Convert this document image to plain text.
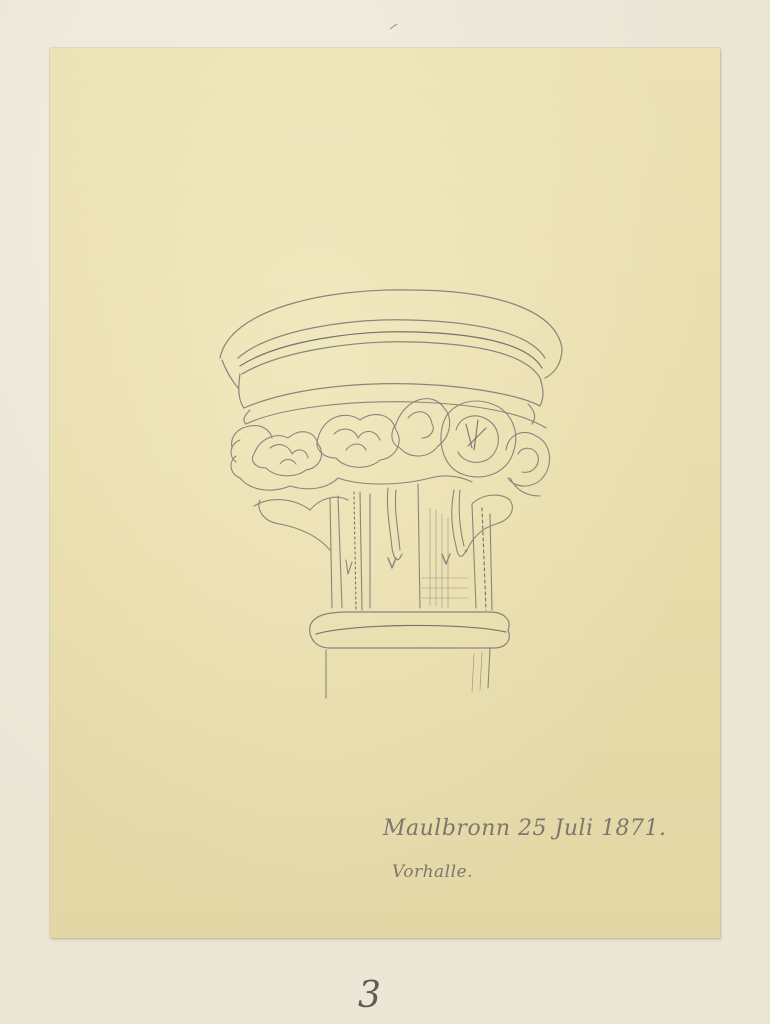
Maulbronn 25 Juli 1871.
Vorhalle.
3
